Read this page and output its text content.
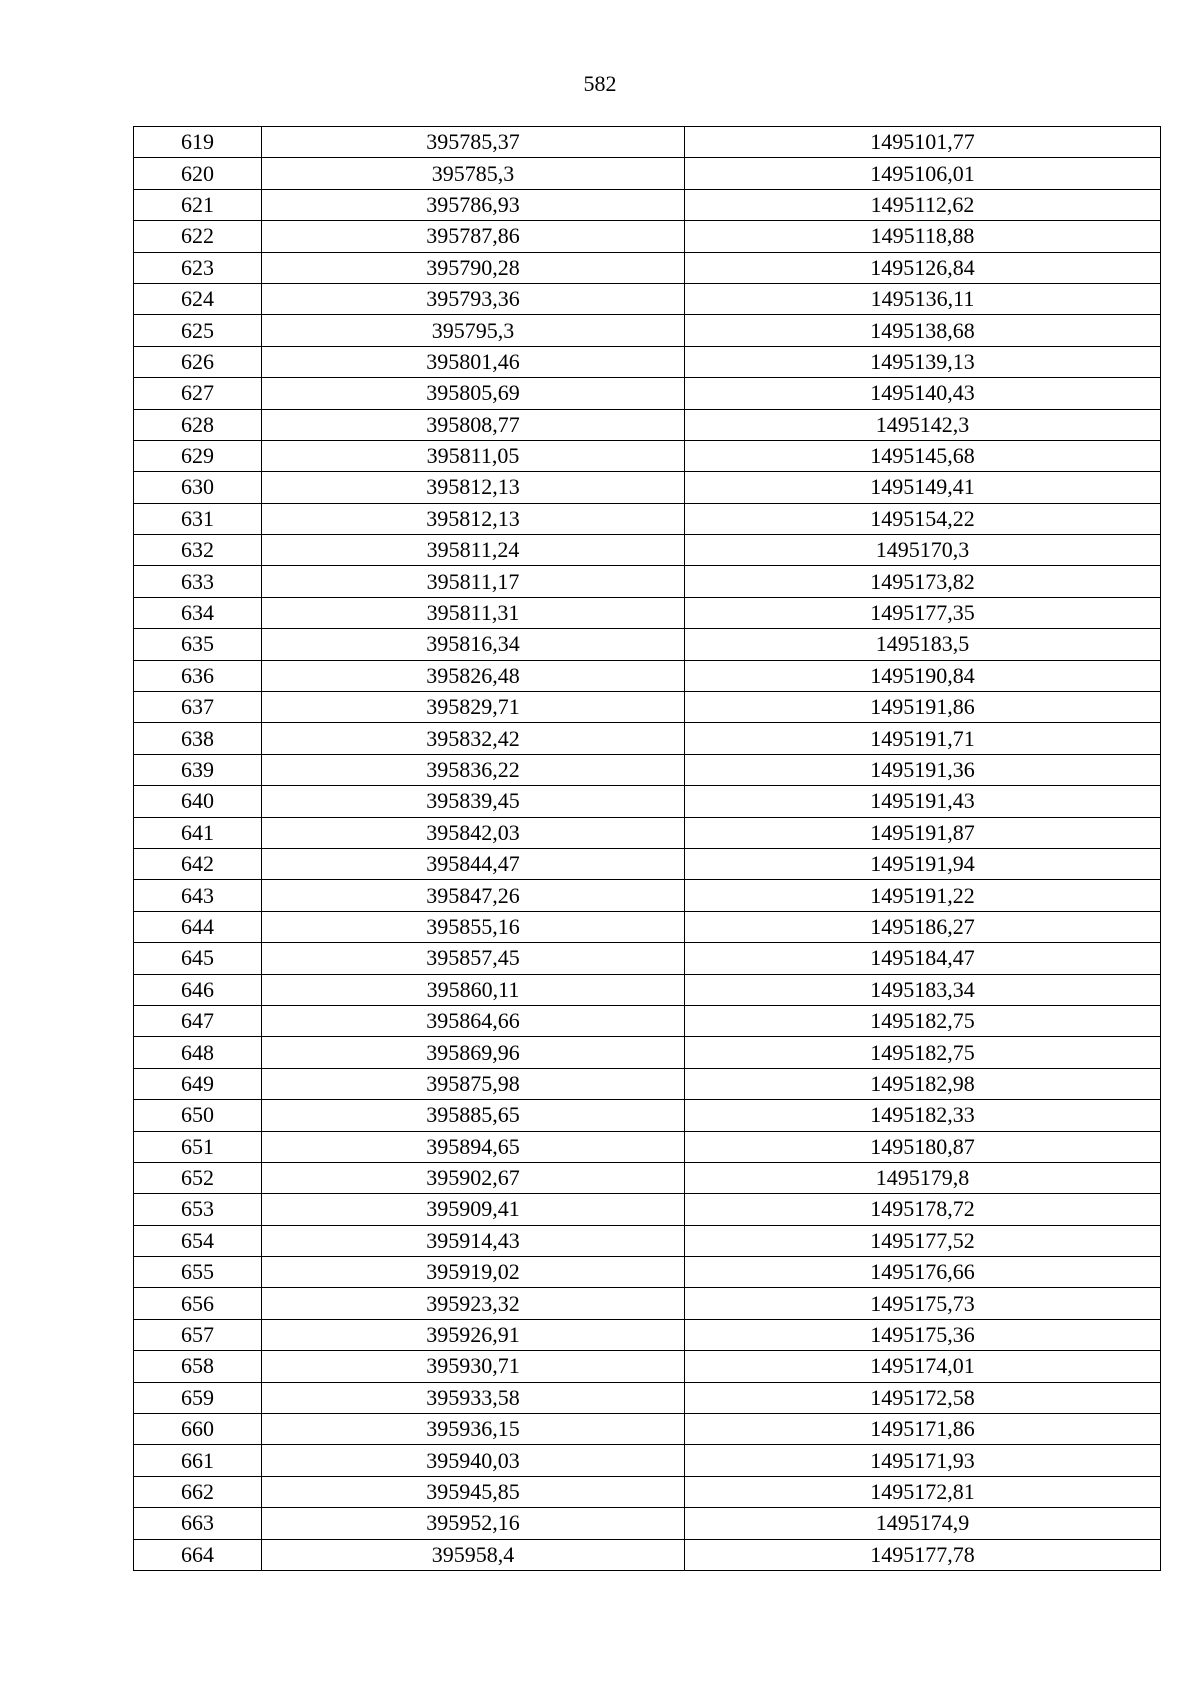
582
619	395785,37	1495101,77
620	395785,3	1495106,01
621	395786,93	1495112,62
622	395787,86	1495118,88
623	395790,28	1495126,84
624	395793,36	1495136,11
625	395795,3	1495138,68
626	395801,46	1495139,13
627	395805,69	1495140,43
628	395808,77	1495142,3
629	395811,05	1495145,68
630	395812,13	1495149,41
631	395812,13	1495154,22
632	395811,24	1495170,3
633	395811,17	1495173,82
634	395811,31	1495177,35
635	395816,34	1495183,5
636	395826,48	1495190,84
637	395829,71	1495191,86
638	395832,42	1495191,71
639	395836,22	1495191,36
640	395839,45	1495191,43
641	395842,03	1495191,87
642	395844,47	1495191,94
643	395847,26	1495191,22
644	395855,16	1495186,27
645	395857,45	1495184,47
646	395860,11	1495183,34
647	395864,66	1495182,75
648	395869,96	1495182,75
649	395875,98	1495182,98
650	395885,65	1495182,33
651	395894,65	1495180,87
652	395902,67	1495179,8
653	395909,41	1495178,72
654	395914,43	1495177,52
655	395919,02	1495176,66
656	395923,32	1495175,73
657	395926,91	1495175,36
658	395930,71	1495174,01
659	395933,58	1495172,58
660	395936,15	1495171,86
661	395940,03	1495171,93
662	395945,85	1495172,81
663	395952,16	1495174,9
664	395958,4	1495177,78
